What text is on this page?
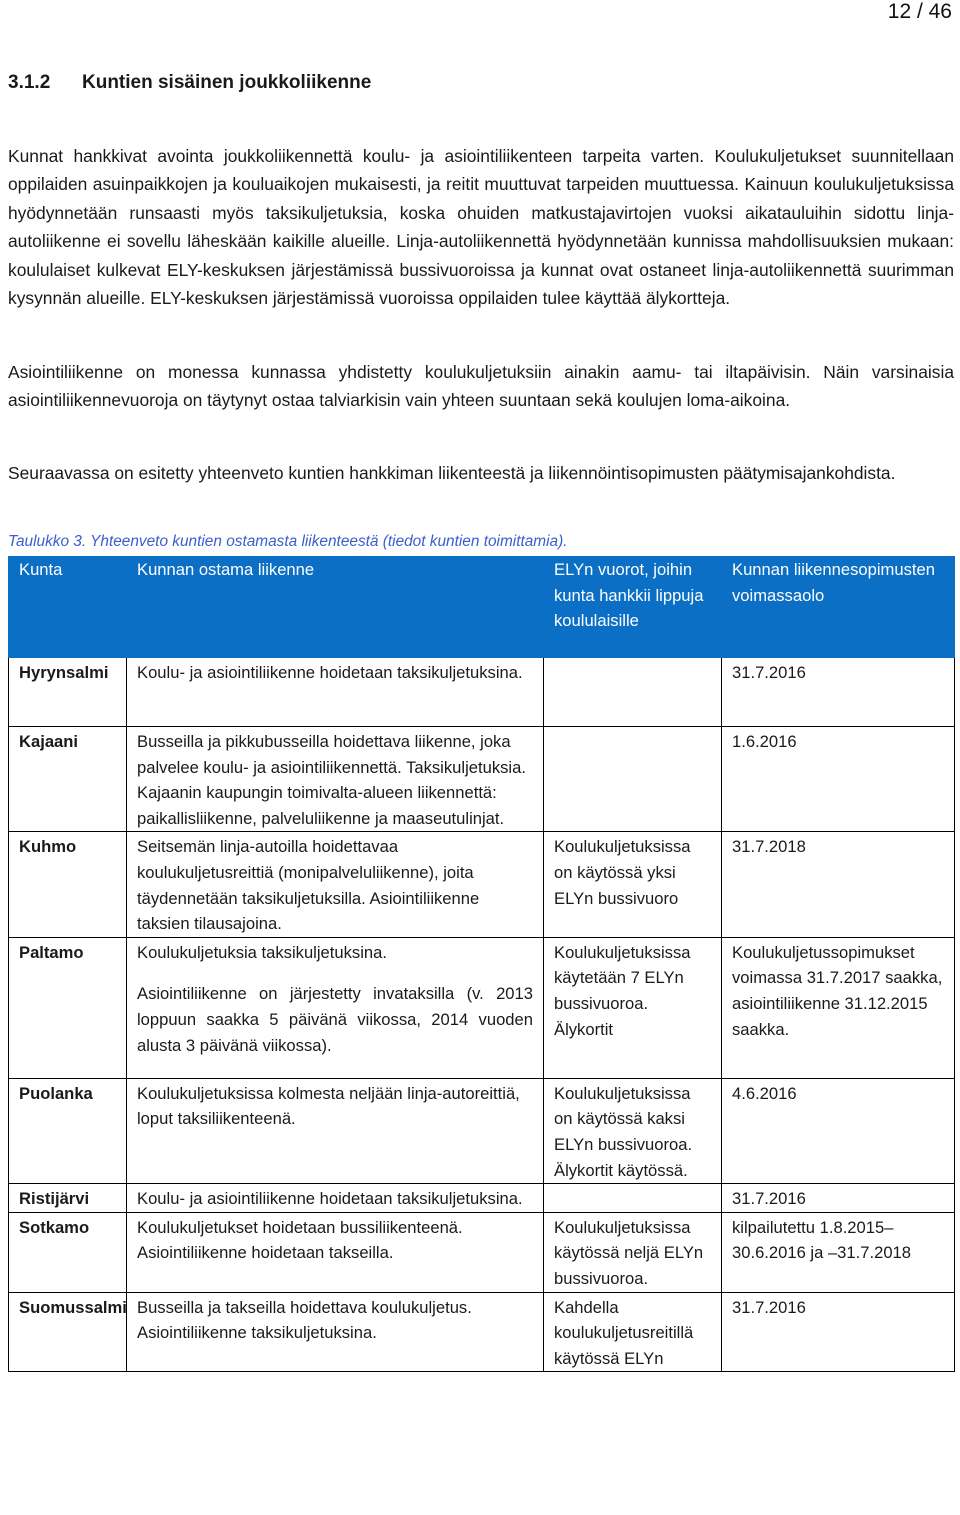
12 / 46
3.1.2 Kuntien sisäinen joukkoliikenne

Kunnat hankkivat avointa joukkoliikennettä koulu- ja asiointiliikenteen tarpeita varten. Koulukuljetukset suunnitellaan oppilaiden asuinpaikkojen ja kouluaikojen mukaisesti, ja reitit muuttuvat tarpeiden muuttuessa. Kainuun koulukuljetuksissa hyödynnetään runsaasti myös taksikuljetuksia, koska ohuiden matkustajavirtojen vuoksi aikatauluihin sidottu linja-autoliikenne ei sovellu läheskään kaikille alueille. Linja-autoliikennettä hyödynnetään kunnissa mahdollisuuksien mukaan: koululaiset kulkevat ELY-keskuksen järjestämissä bussivuoroissa ja kunnat ovat ostaneet linja-autoliikennettä suurimman kysynnän alueille. ELY-keskuksen järjestämissä vuoroissa oppilaiden tulee käyttää älykortteja.

Asiointiliikenne on monessa kunnassa yhdistetty koulukuljetuksiin ainakin aamu- tai iltapäivisin. Näin varsinaisia asiointiliikennevuoroja on täytynyt ostaa talviarkisin vain yhteen suuntaan sekä koulujen loma-aikoina.

Seuraavassa on esitetty yhteenveto kuntien hankkiman liikenteestä ja liikennöintisopimusten päätymisajankohdista.

Taulukko 3. Yhteenveto kuntien ostamasta liikenteestä (tiedot kuntien toimittamia).
Kunta	Kunnan ostama liikenne	ELYn vuorot, joihin kunta hankkii lippuja koululaisille	Kunnan liikennesopimusten voimassaolo
Hyrynsalmi	Koulu- ja asiointiliikenne hoidetaan taksikuljetuksina.		31.7.2016
Kajaani	Busseilla ja pikkubusseilla hoidettava liikenne, joka palvelee koulu- ja asiointiliikennettä. Taksikuljetuksia. Kajaanin kaupungin toimivalta-alueen liikennettä: paikallisliikenne, palveluliikenne ja maaseutulinjat.		1.6.2016
Kuhmo	Seitsemän linja-autoilla hoidettavaa koulukuljetusreittiä (monipalveluliikenne), joita täydennetään taksikuljetuksilla. Asiointiliikenne taksien tilausajoina.	Koulukuljetuksissa on käytössä yksi ELYn bussivuoro	31.7.2018
Paltamo	Koulukuljetuksia taksikuljetuksina.
Asiointiliikenne on järjestetty invataksilla (v. 2013 loppuun saakka 5 päivänä viikossa, 2014 vuoden alusta 3 päivänä viikossa).	Koulukuljetuksissa käytetään 7 ELYn bussivuoroa. Älykortit	Koulukuljetussopimukset voimassa 31.7.2017 saakka, asiointiliikenne 31.12.2015 saakka.
Puolanka	Koulukuljetuksissa kolmesta neljään linja-autoreittiä, loput taksiliikenteenä.	Koulukuljetuksissa on käytössä kaksi ELYn bussivuoroa. Älykortit käytössä.	4.6.2016
Ristijärvi	Koulu- ja asiointiliikenne hoidetaan taksikuljetuksina.		31.7.2016
Sotkamo	Koulukuljetukset hoidetaan bussiliikenteenä. Asiointiliikenne hoidetaan takseilla.	Koulukuljetuksissa käytössä neljä ELYn bussivuoroa.	kilpailutettu 1.8.2015–30.6.2016 ja –31.7.2018
Suomussalmi	Busseilla ja takseilla hoidettava koulukuljetus. Asiointiliikenne taksikuljetuksina.	Kahdella koulukuljetusreitillä käytössä ELYn	31.7.2016
